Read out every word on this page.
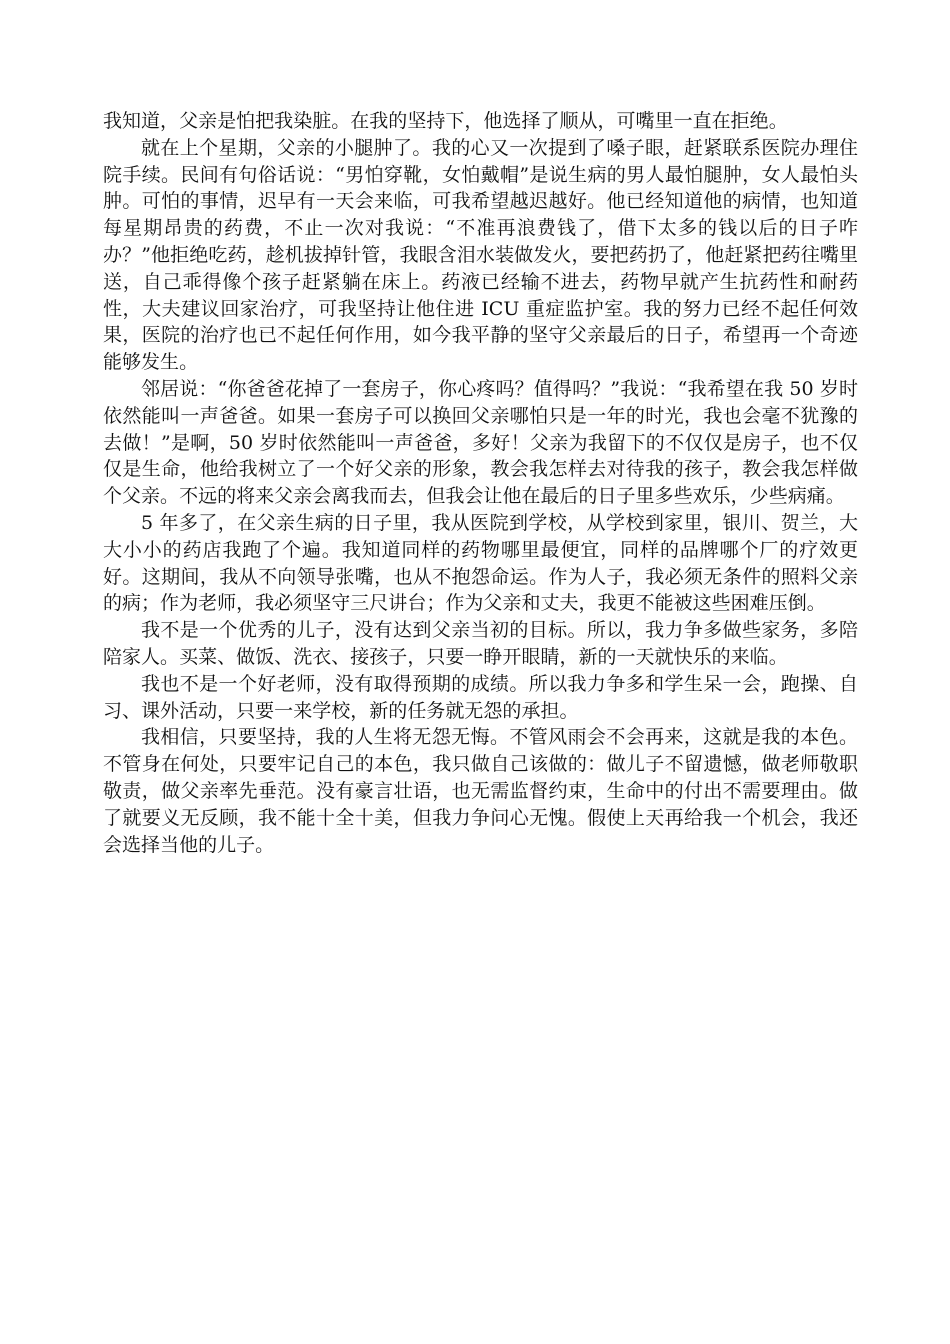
我知道，父亲是怕把我染脏。在我的坚持下，他选择了顺从，可嘴里一直在拒绝。

就在上个星期，父亲的小腿肿了。我的心又一次提到了嗓子眼，赶紧联系医院办理住院手续。民间有句俗话说：“男怕穿靴，女怕戴帽”是说生病的男人最怕腿肿，女人最怕头肿。可怕的事情，迟早有一天会来临，可我希望越迟越好。他已经知道他的病情，也知道每星期昂贵的药费，不止一次对我说：“不准再浪费钱了，借下太多的钱以后的日子咋办？”他拒绝吃药，趁机拔掉针管，我眼含泪水装做发火，要把药扔了，他赶紧把药往嘴里送，自己乖得像个孩子赶紧躺在床上。药液已经输不进去，药物早就产生抗药性和耐药性，大夫建议回家治疗，可我坚持让他住进 ICU 重症监护室。我的努力已经不起任何效果，医院的治疗也已不起任何作用，如今我平静的坚守父亲最后的日子，希望再一个奇迹能够发生。

邻居说：“你爸爸花掉了一套房子，你心疼吗？值得吗？”我说：“我希望在我 50 岁时依然能叫一声爸爸。如果一套房子可以换回父亲哪怕只是一年的时光，我也会毫不犹豫的去做！”是啊，50 岁时依然能叫一声爸爸，多好！父亲为我留下的不仅仅是房子，也不仅仅是生命，他给我树立了一个好父亲的形象，教会我怎样去对待我的孩子，教会我怎样做个父亲。不远的将来父亲会离我而去，但我会让他在最后的日子里多些欢乐，少些病痛。

5 年多了，在父亲生病的日子里，我从医院到学校，从学校到家里，银川、贺兰，大大小小的药店我跑了个遍。我知道同样的药物哪里最便宜，同样的品牌哪个厂的疗效更好。这期间，我从不向领导张嘴，也从不抱怨命运。作为人子，我必须无条件的照料父亲的病；作为老师，我必须坚守三尺讲台；作为父亲和丈夫，我更不能被这些困难压倒。

我不是一个优秀的儿子，没有达到父亲当初的目标。所以，我力争多做些家务，多陪陪家人。买菜、做饭、洗衣、接孩子，只要一睁开眼睛，新的一天就快乐的来临。

我也不是一个好老师，没有取得预期的成绩。所以我力争多和学生呆一会，跑操、自习、课外活动，只要一来学校，新的任务就无怨的承担。

我相信，只要坚持，我的人生将无怨无悔。不管风雨会不会再来，这就是我的本色。不管身在何处，只要牢记自己的本色，我只做自己该做的：做儿子不留遗憾，做老师敬职敬责，做父亲率先垂范。没有豪言壮语，也无需监督约束，生命中的付出不需要理由。做了就要义无反顾，我不能十全十美，但我力争问心无愧。假使上天再给我一个机会，我还会选择当他的儿子。
